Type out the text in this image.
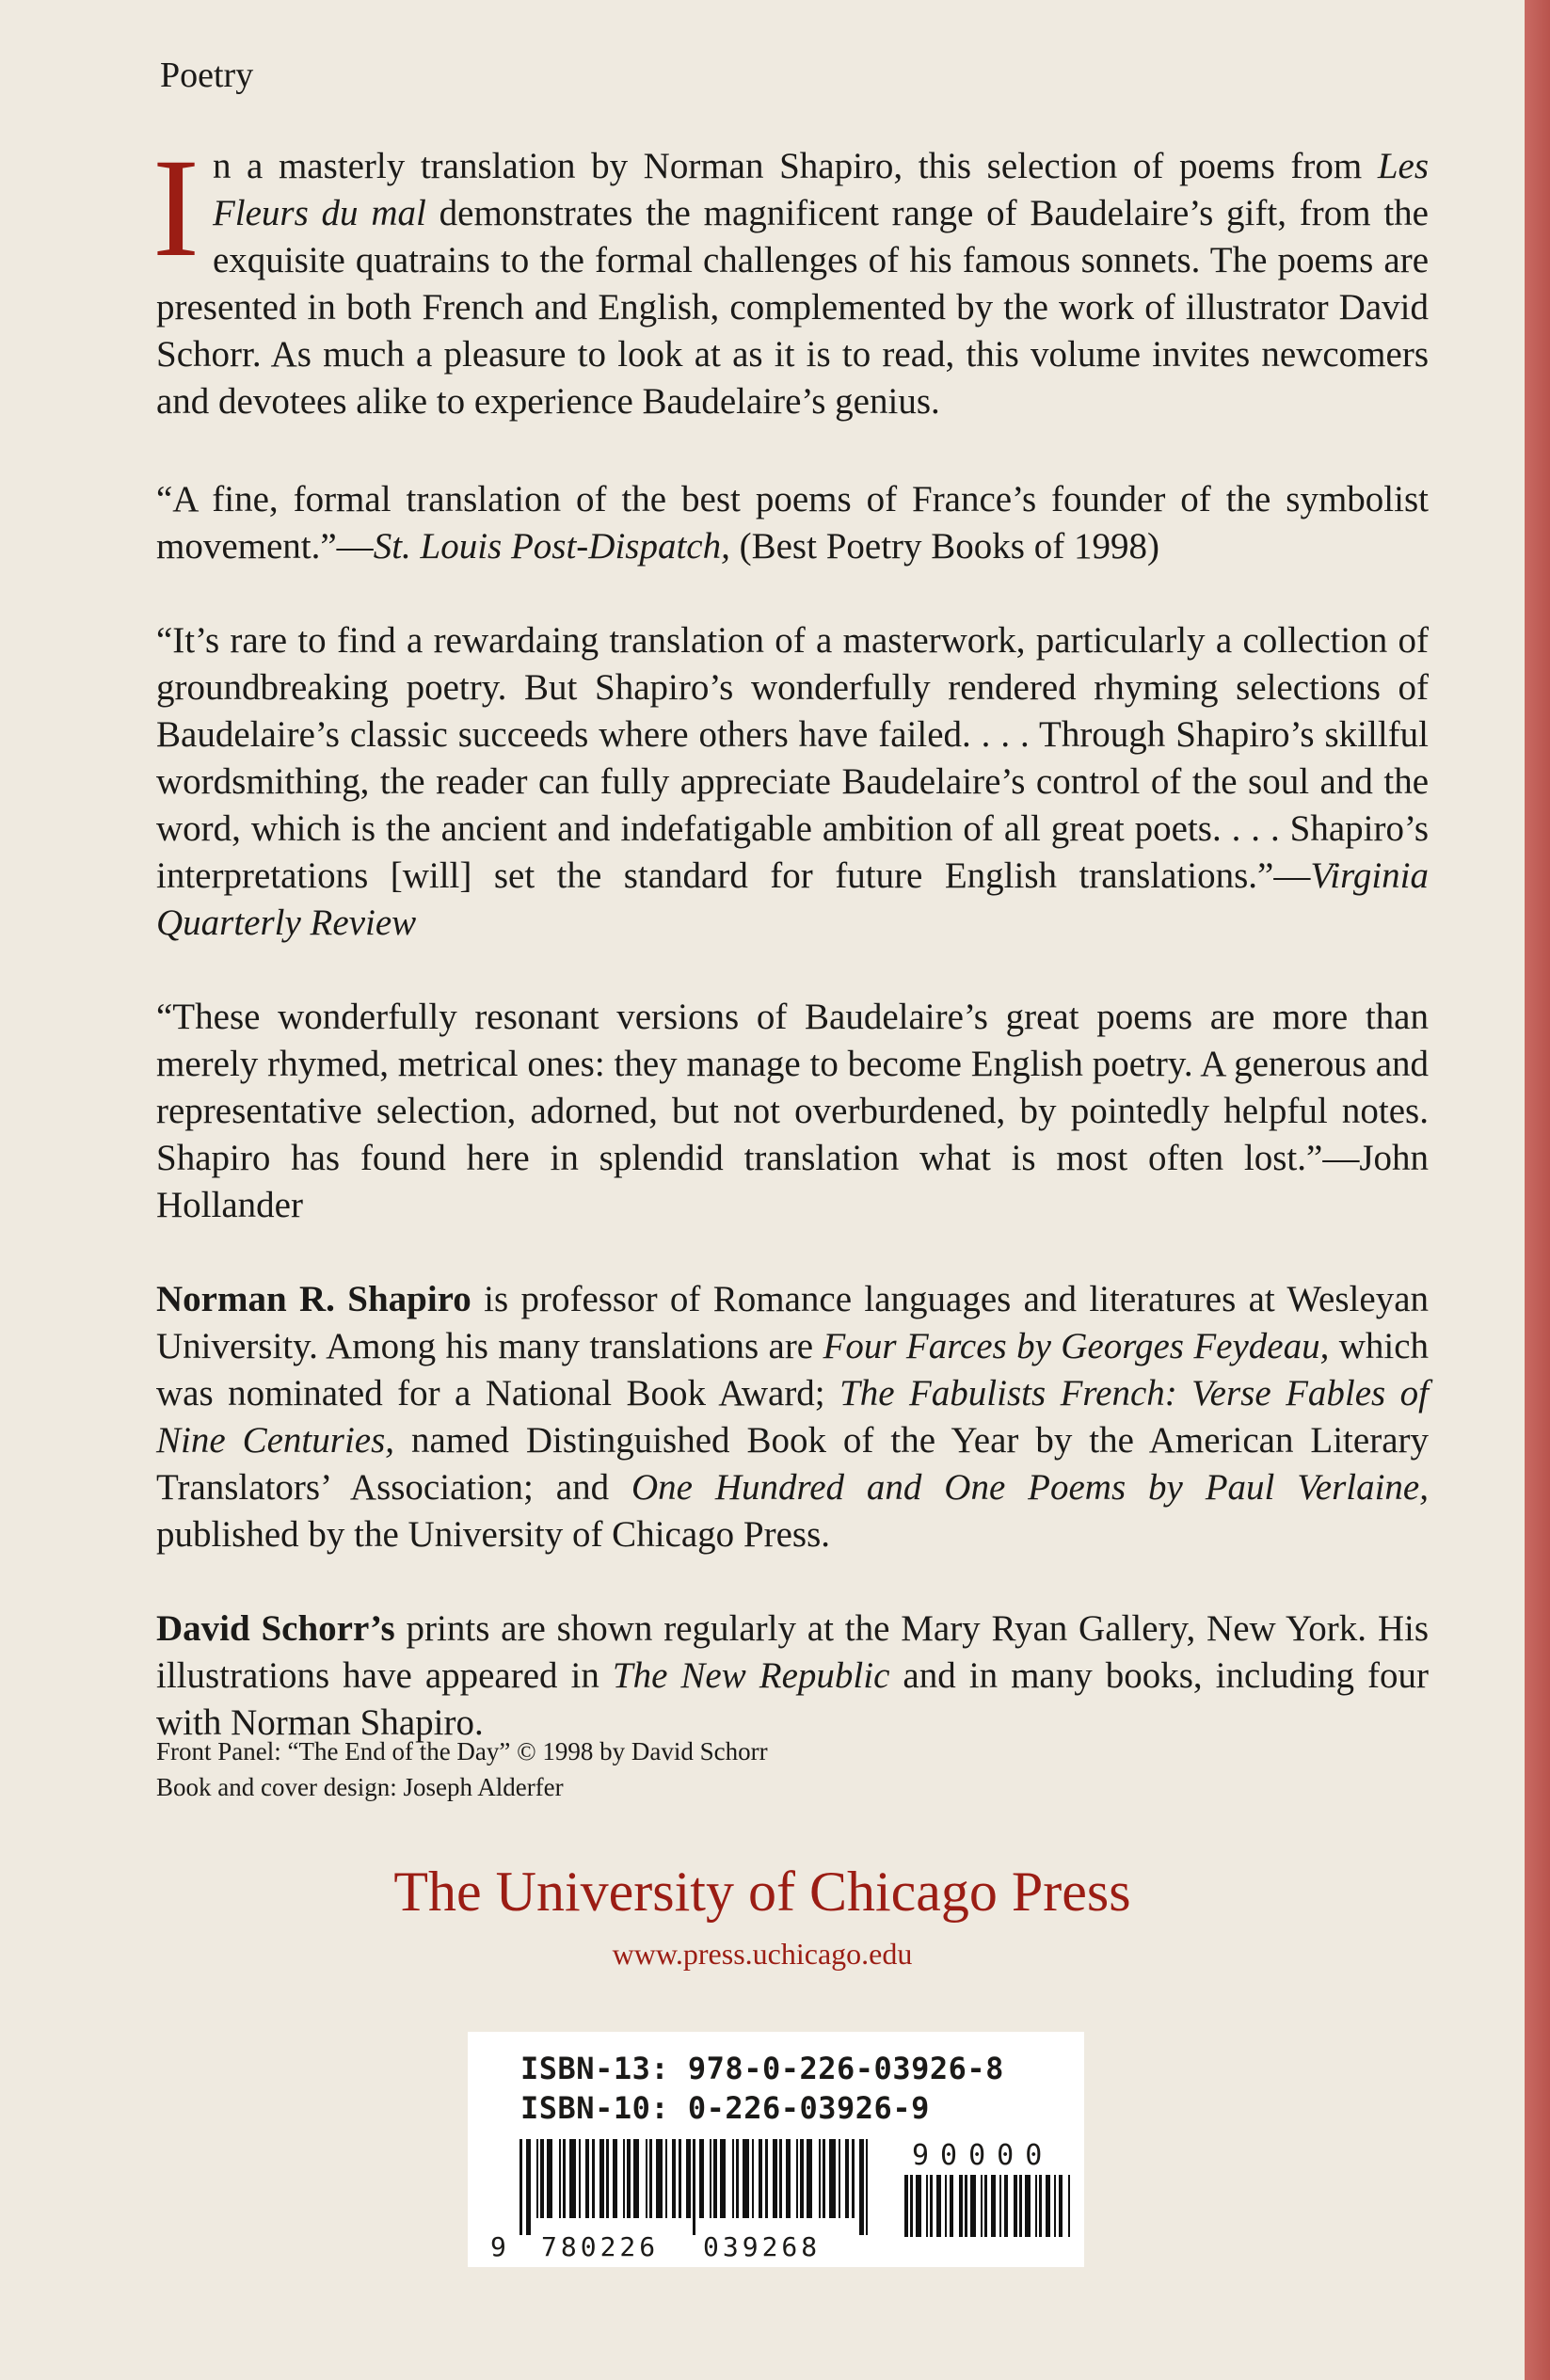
Poetry

In a masterly translation by Norman Shapiro, this selection of poems from Les Fleurs du mal demonstrates the magnificent range of Baudelaire’s gift, from the exquisite quatrains to the formal challenges of his famous sonnets. The poems are presented in both French and English, complemented by the work of illustrator David Schorr. As much a pleasure to look at as it is to read, this volume invites newcomers and devotees alike to experience Baudelaire’s genius.

“A fine, formal translation of the best poems of France’s founder of the symbolist movement.”—St. Louis Post-Dispatch, (Best Poetry Books of 1998)

“It’s rare to find a rewardaing translation of a masterwork, particularly a collection of groundbreaking poetry. But Shapiro’s wonderfully rendered rhyming selections of Baudelaire’s classic succeeds where others have failed. . . . Through Shapiro’s skillful wordsmithing, the reader can fully appreciate Baudelaire’s control of the soul and the word, which is the ancient and indefatigable ambition of all great poets. . . . Shapiro’s interpretations [will] set the standard for future English translations.”—Virginia Quarterly Review

“These wonderfully resonant versions of Baudelaire’s great poems are more than merely rhymed, metrical ones: they manage to become English poetry. A generous and representative selection, adorned, but not overburdened, by pointedly helpful notes. Shapiro has found here in splendid translation what is most often lost.”—John Hollander

Norman R. Shapiro is professor of Romance languages and literatures at Wesleyan University. Among his many translations are Four Farces by Georges Feydeau, which was nominated for a National Book Award; The Fabulists French: Verse Fables of Nine Centuries, named Distinguished Book of the Year by the American Literary Translators’ Association; and One Hundred and One Poems by Paul Verlaine, published by the University of Chicago Press.

David Schorr’s prints are shown regularly at the Mary Ryan Gallery, New York. His illustrations have appeared in The New Republic and in many books, including four with Norman Shapiro.

Front Panel: “The End of the Day” © 1998 by David Schorr
Book and cover design: Joseph Alderfer
The University of Chicago Press
www.press.uchicago.edu
ISBN-13: 978-0-226-03926-8
ISBN-10: 0-226-03926-9
90000
9 780226 039268
